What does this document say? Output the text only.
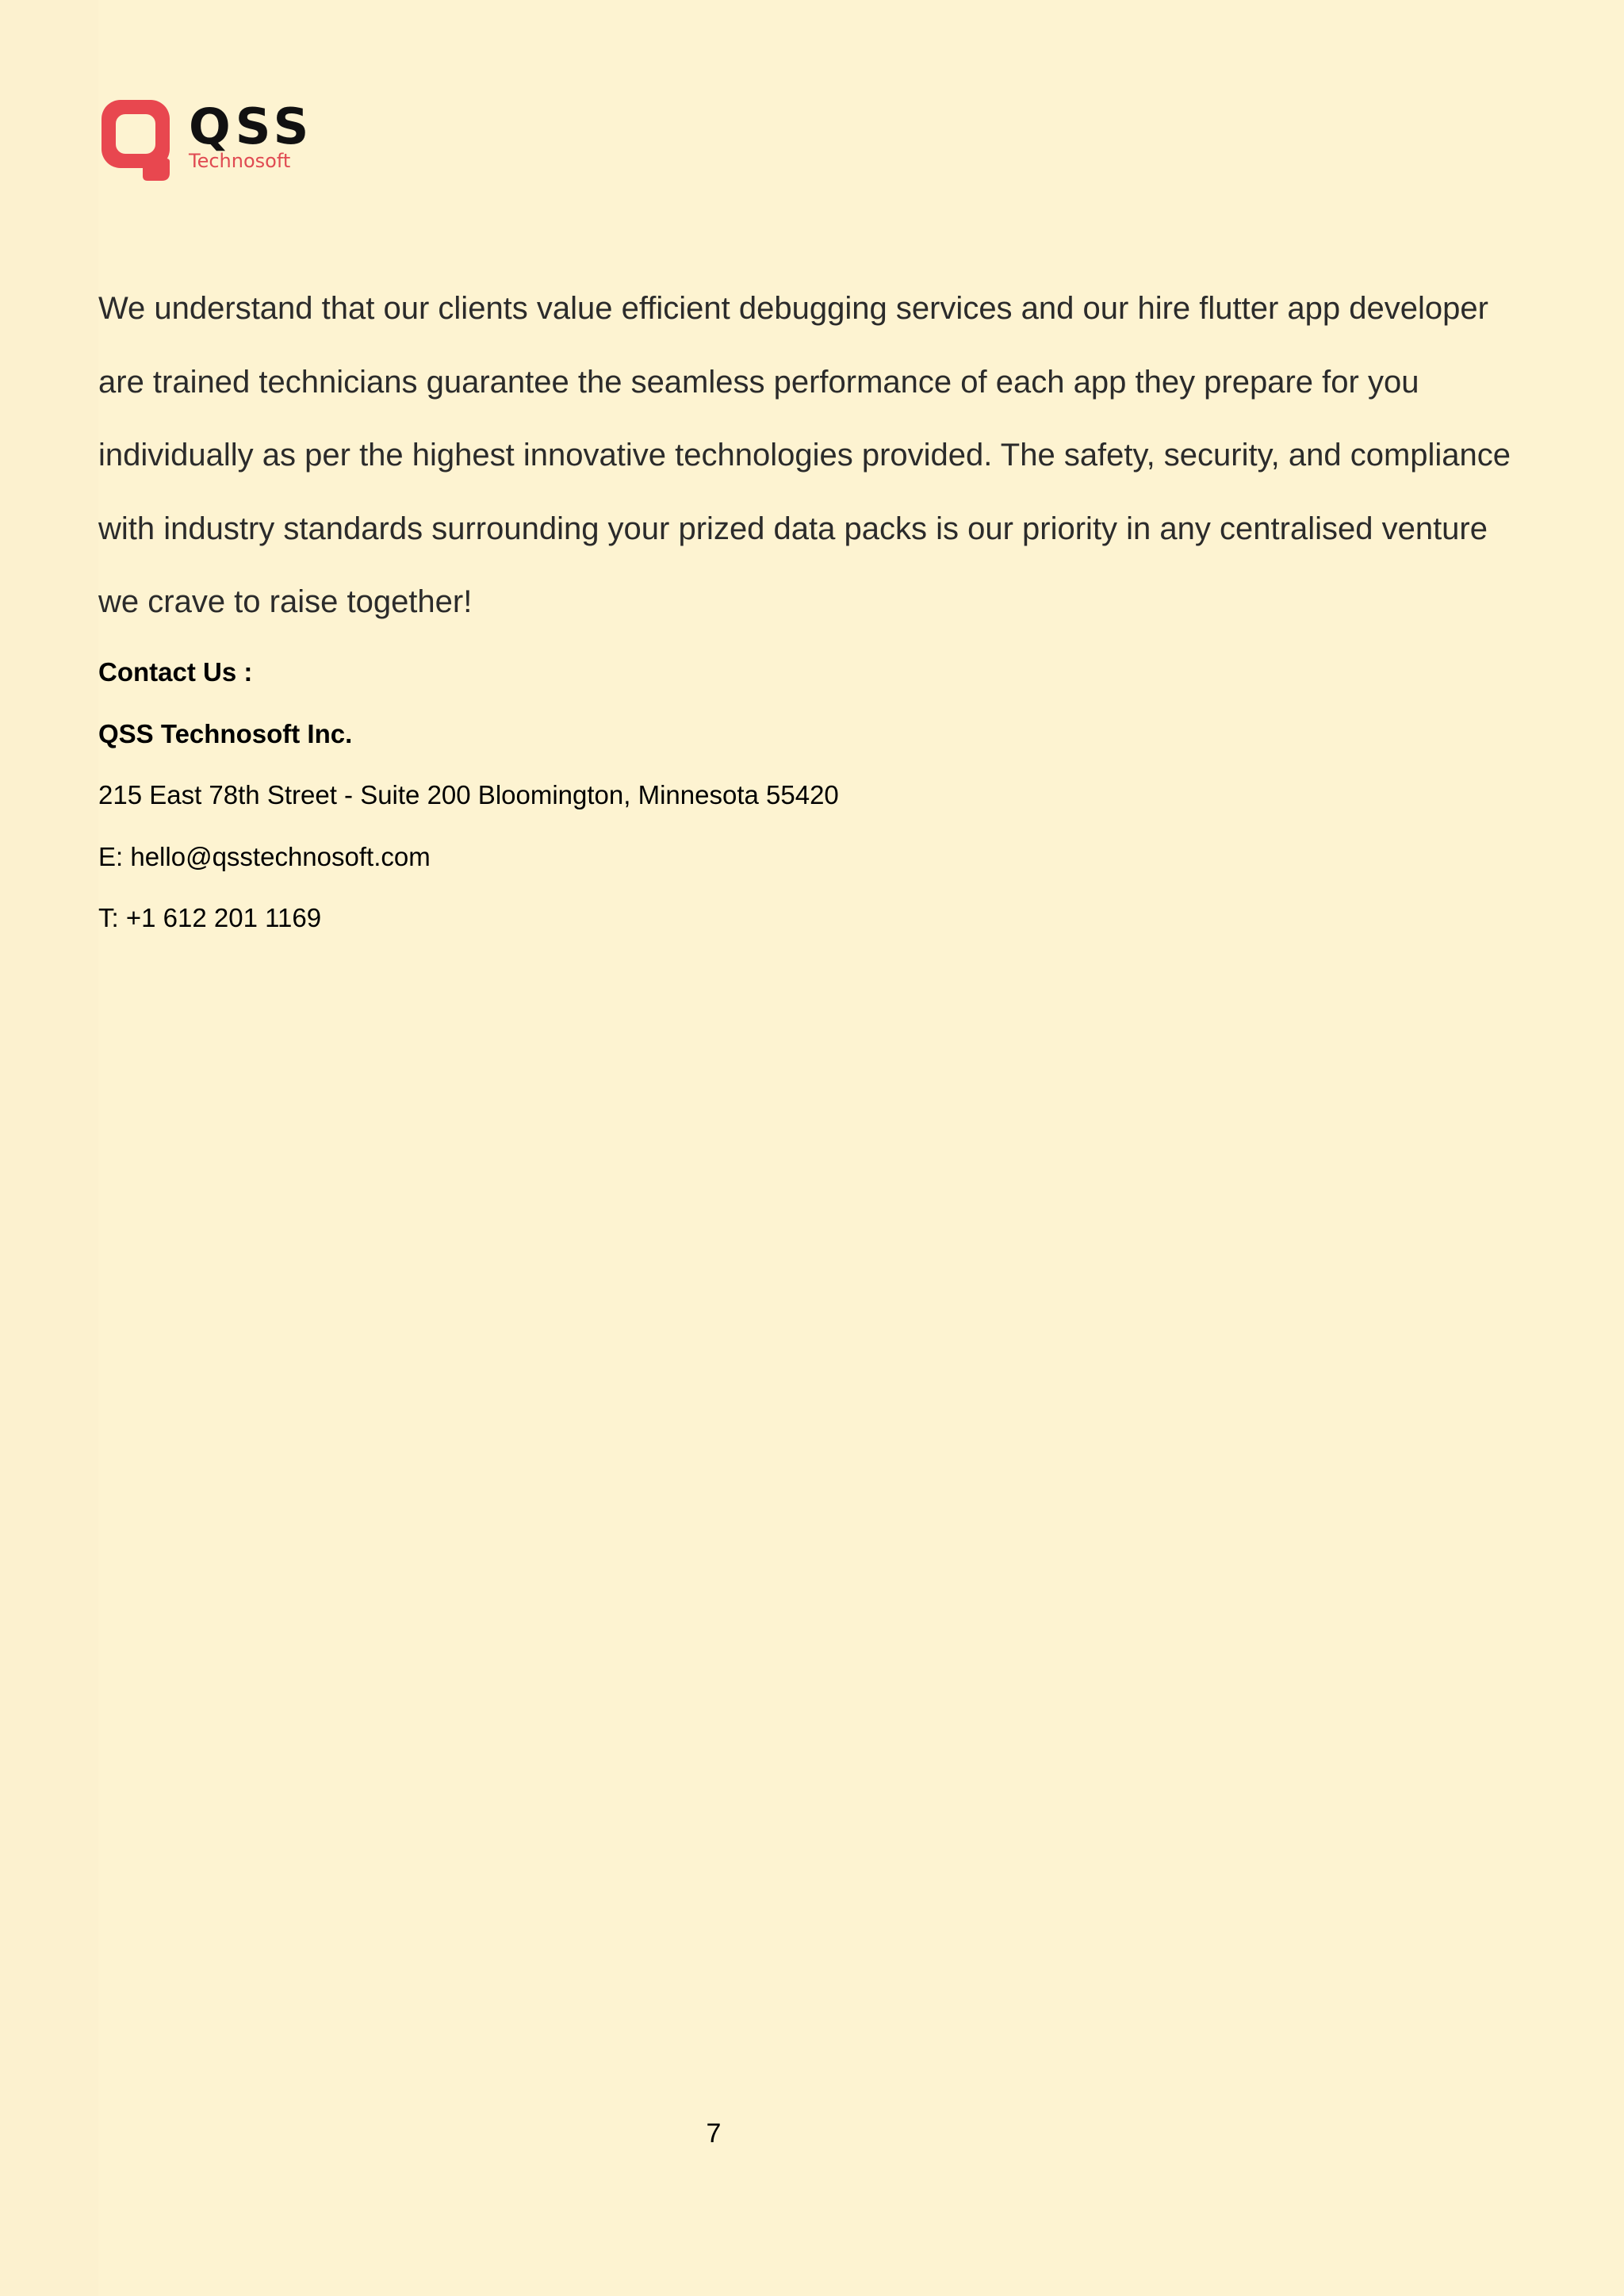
QSS
Technosoft

We understand that our clients value efficient debugging services and our hire flutter app developer are trained technicians guarantee the seamless performance of each app they prepare for you individually as per the highest innovative technologies provided. The safety, security, and compliance with industry standards surrounding your prized data packs is our priority in any centralised venture we crave to raise together!

Contact Us :
QSS Technosoft Inc.
215 East 78th Street - Suite 200 Bloomington, Minnesota 55420
E: hello@qsstechnosoft.com
T: +1 612 201 1169
7
